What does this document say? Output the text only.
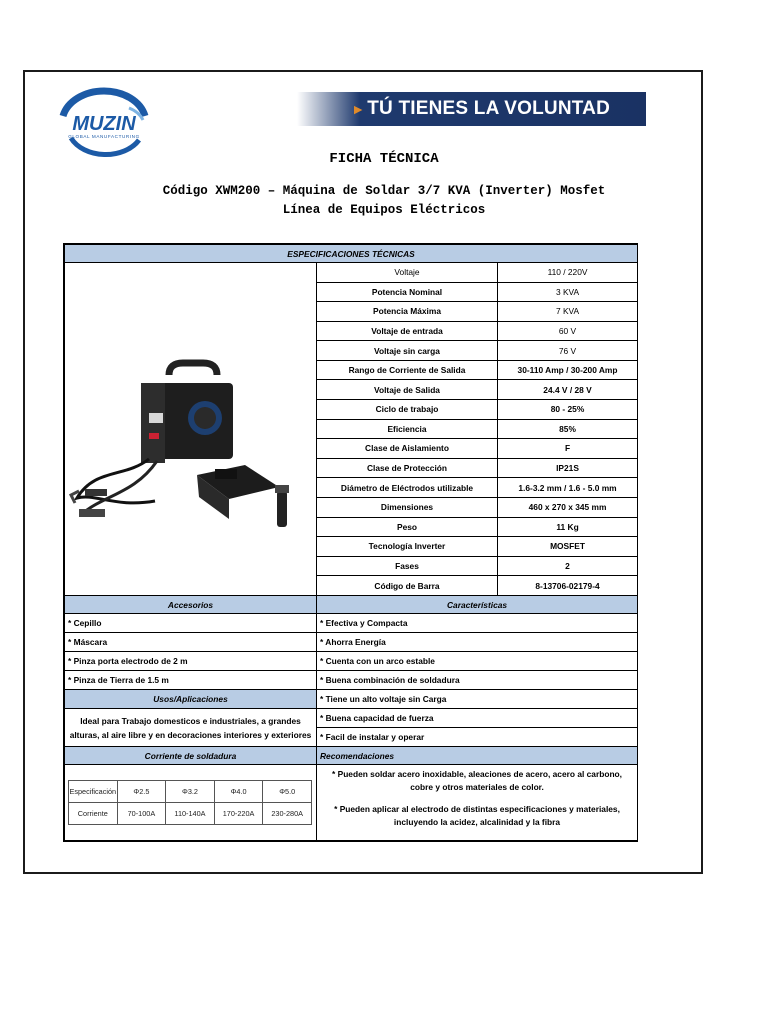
MUZIN
GLOBAL MANUFACTURING
► TÚ TIENES LA VOLUNTAD
FICHA TÉCNICA
Código XWM200 – Máquina de Soldar 3/7 KVA (Inverter) Mosfet
Línea de Equipos Eléctricos
ESPECIFICACIONES TÉCNICAS

	Voltaje	110 / 220V
Potencia Nominal	3 KVA
Potencia Máxima	7 KVA
Voltaje de entrada	60 V
Voltaje sin carga	76 V
Rango de Corriente de Salida	30-110 Amp / 30-200 Amp
Voltaje de Salida	24.4 V / 28 V
Ciclo de trabajo	80 - 25%
Eficiencia	85%
Clase de Aislamiento	F
Clase de Protección	IP21S
Diámetro de Eléctrodos utilizable	1.6-3.2 mm / 1.6 - 5.0 mm
Dimensiones	460 x 270 x 345 mm
Peso	11 Kg
Tecnología Inverter	MOSFET
Fases	2
Código de Barra	8-13706-02179-4
Accesorios	Características
* Cepillo	* Efectiva y Compacta
* Máscara	* Ahorra Energía
* Pinza porta electrodo de 2 m	* Cuenta con un arco estable
* Pinza de Tierra de 1.5 m	* Buena combinación de soldadura
Usos/Aplicaciones	* Tiene un alto voltaje sin Carga
Ideal para Trabajo domesticos e industriales, a grandes alturas, al aire libre y en decoraciones interiores y exteriores	* Buena capacidad de fuerza
* Facil de instalar y operar
Corriente de soldadura	Recomendaciones

Especificación	Φ2.5	Φ3.2	Φ4.0	Φ5.0
Corriente	70-100A	110-140A	170-220A	230-280A

* Pueden soldar acero inoxidable, aleaciones de acero, acero al carbono, cobre y otros materiales de color.
* Pueden aplicar al electrodo de distintas especificaciones y materiales, incluyendo la acidez, alcalinidad y la fibra
